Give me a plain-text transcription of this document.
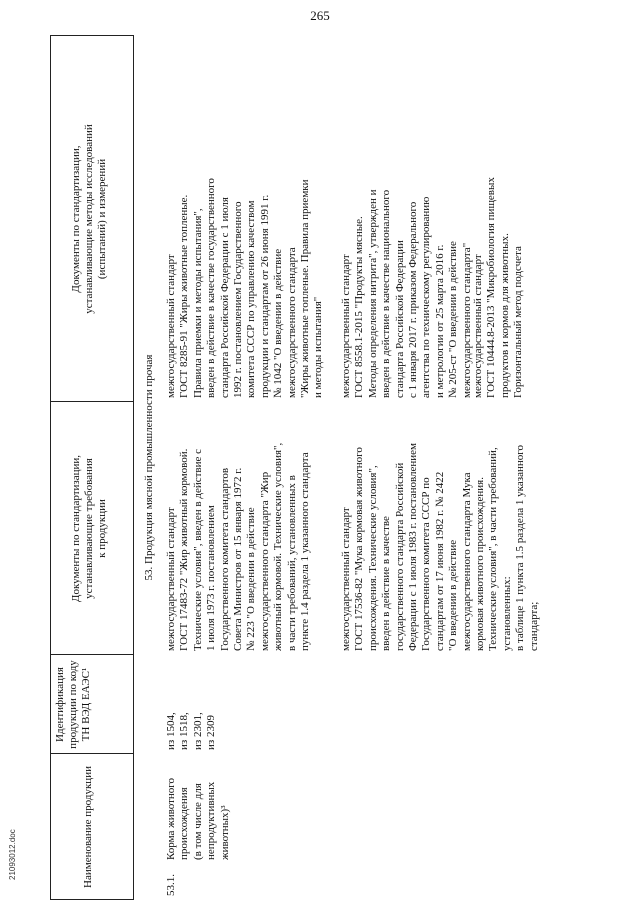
265
Наименование продукции
Идентификация
продукции по коду
ТН ВЭД ЕАЭС¹
Документы по стандартизации,
устанавливающие требования
к продукции
Документы по стандартизации,
устанавливающие методы исследований
(испытаний) и измерений
53. Продукция мясной промышленности прочая
53.1.
Корма животного
происхождения
(в том числе для
непродуктивных
животных)³
из 1504,
из 1518,
из 2301,
из 2309
межгосударственный стандарт
ГОСТ 17483-72 "Жир животный кормовой.
Технические условия", введен в действие с
1 июля 1973 г. постановлением
Государственного комитета стандартов
Совета Министров от 15 января 1972 г.
№ 223 "О введении в действие
межгосударственного стандарта "Жир
животный кормовой. Технические условия",
в части требований, установленных в
пункте 1.4 раздела 1 указанного стандарта
межгосударственный стандарт
ГОСТ 17536-82 "Мука кормовая животного
происхождения. Технические условия",
введен в действие в качестве
государственного стандарта Российской
Федерации с 1 июля 1983 г. постановлением
Государственного комитета СССР по
стандартам от 17 июня 1982 г. № 2422
"О введении в действие
межгосударственного стандарта Мука
кормовая животного происхождения.
Технические условия", в части требований,
установленных:
в таблице 1 пункта 1.5 раздела 1 указанного
стандарта;
межгосударственный стандарт
ГОСТ 8285-91 "Жиры животные топленые.
Правила приемки и методы испытания",
введен в действие в качестве государственного
стандарта Российской Федерации с 1 июля
1992 г. постановлением Государственного
комитета СССР по управлению качеством
продукции и стандартам от 26 июня 1991 г.
№ 1042 "О введении в действие
межгосударственного стандарта
"Жиры животные топленые. Правила приемки
и методы испытания" межгосударственный стандарт
ГОСТ 8558.1-2015 "Продукты мясные.
Методы определения нитрита", утвержден и
введен в действие в качестве национального
стандарта Российской Федерации
с 1 января 2017 г. приказом Федерального
агентства по техническому регулированию
и метрологии от 25 марта 2016 г.
№ 205-ст "О введении в действие
межгосударственного стандарта"
межгосударственный стандарт
ГОСТ 10444.8-2013 "Микробиология пищевых
продуктов и кормов для животных.
Горизонтальный метод подсчета
21093012.doc
